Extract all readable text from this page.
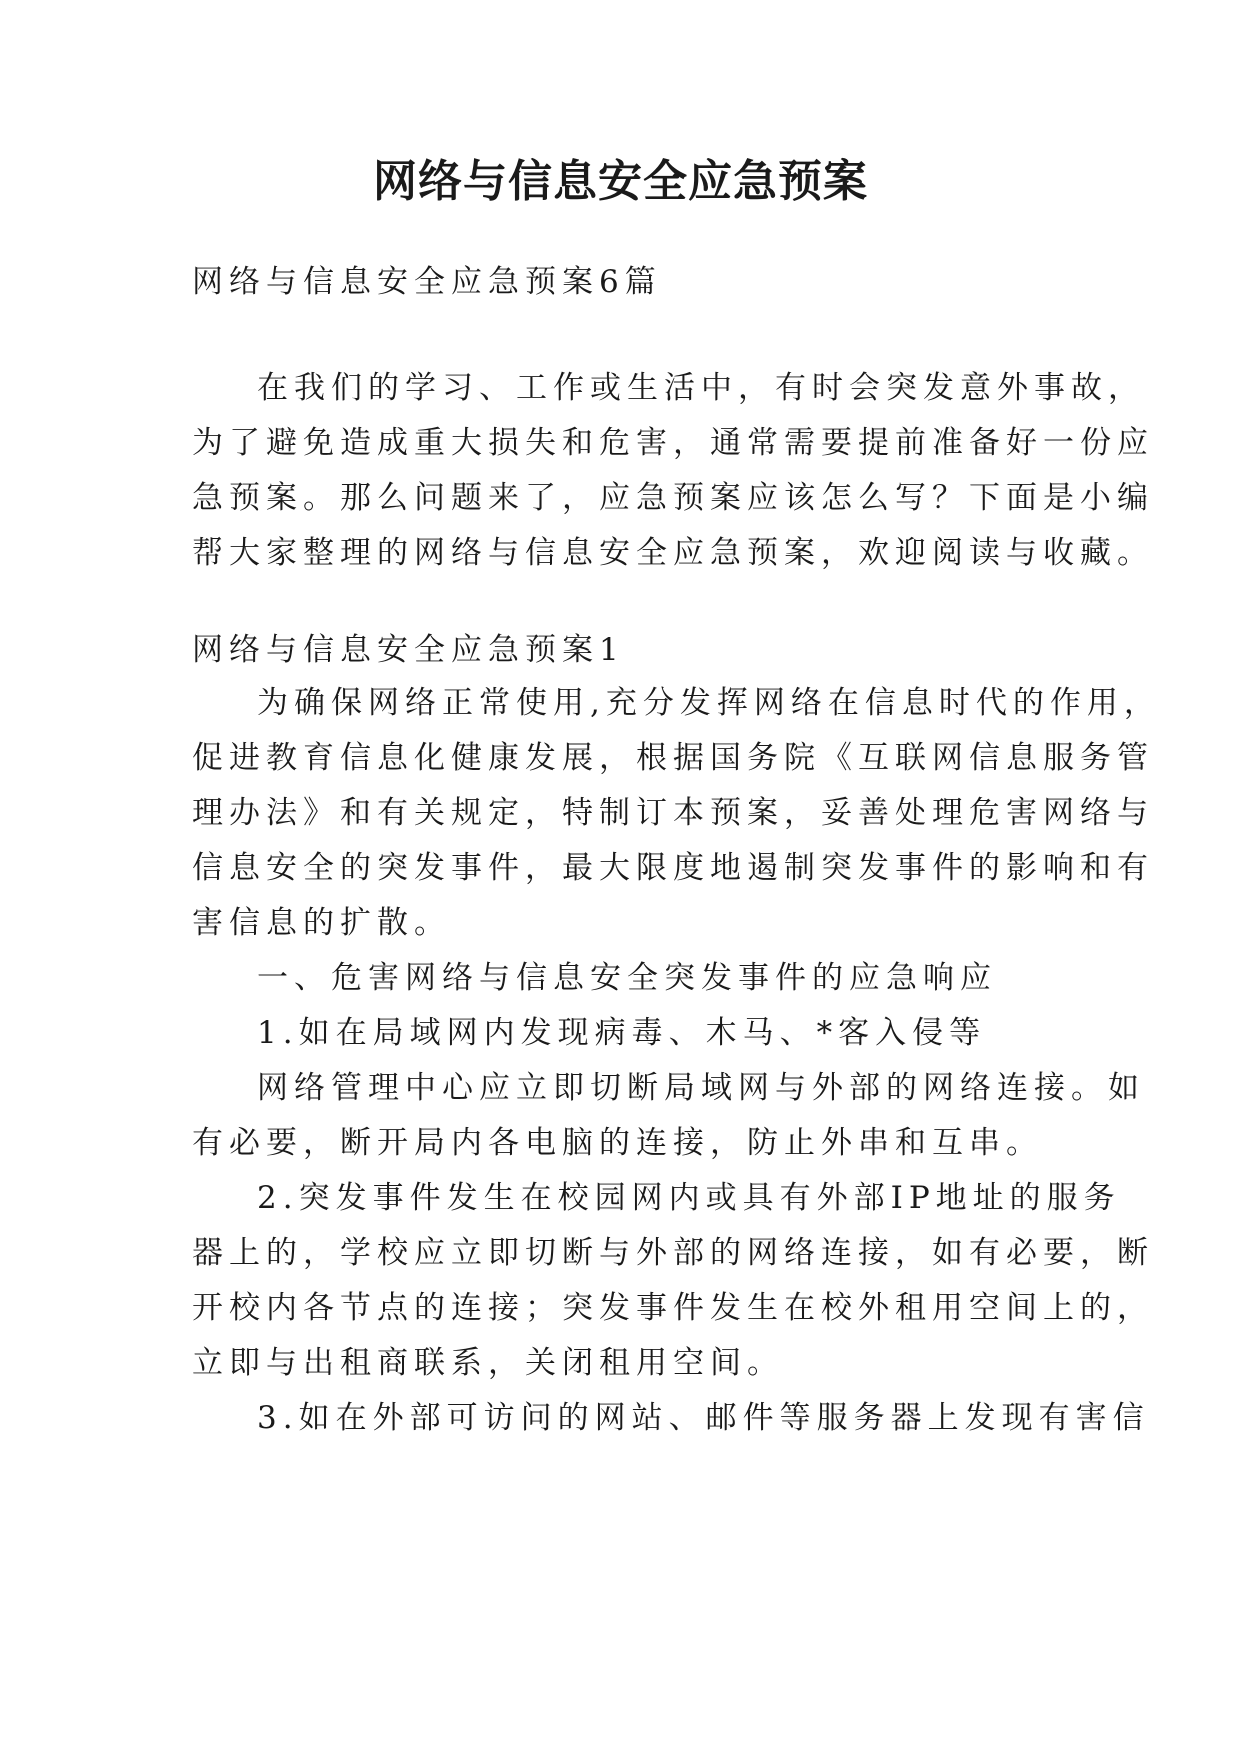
网络与信息安全应急预案

网络与信息安全应急预案6篇

在我们的学习、工作或生活中，有时会突发意外事故，

为了避免造成重大损失和危害，通常需要提前准备好一份应

急预案。那么问题来了，应急预案应该怎么写？下面是小编

帮大家整理的网络与信息安全应急预案，欢迎阅读与收藏。

网络与信息安全应急预案1

为确保网络正常使用,充分发挥网络在信息时代的作用，

促进教育信息化健康发展，根据国务院《互联网信息服务管

理办法》和有关规定，特制订本预案，妥善处理危害网络与

信息安全的突发事件，最大限度地遏制突发事件的影响和有

害信息的扩散。

一、危害网络与信息安全突发事件的应急响应

1.如在局域网内发现病毒、木马、*客入侵等

网络管理中心应立即切断局域网与外部的网络连接。如

有必要，断开局内各电脑的连接，防止外串和互串。

2.突发事件发生在校园网内或具有外部IP地址的服务

器上的，学校应立即切断与外部的网络连接，如有必要，断

开校内各节点的连接；突发事件发生在校外租用空间上的，

立即与出租商联系，关闭租用空间。

3.如在外部可访问的网站、邮件等服务器上发现有害信
